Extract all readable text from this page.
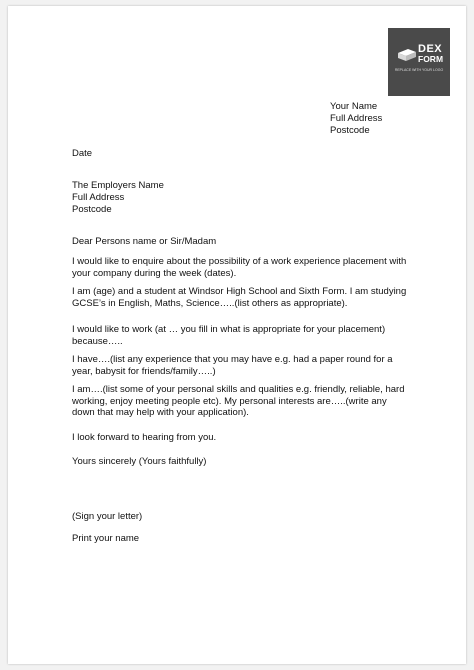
DEX
FORM
REPLACE WITH YOUR LOGO
Your Name
Full Address
Postcode
Date
The Employers Name
Full Address
Postcode
Dear Persons name or Sir/Madam

I would like to enquire about the possibility of a work experience placement with your company during the week (dates).

I am (age) and a student at Windsor High School and Sixth Form. I am studying GCSE’s in English, Maths, Science…..(list others as appropriate).

I would like to work (at … you fill in what is appropriate for your placement) because…..

I have….(list any experience that you may have e.g. had a paper round for a year, babysit for friends/family…..)

I am….(list some of your personal skills and qualities e.g. friendly, reliable, hard working, enjoy meeting people etc). My personal interests are…..(write any down that may help with your application).

I look forward to hearing from you.

Yours sincerely (Yours faithfully)
(Sign your letter)
Print your name
